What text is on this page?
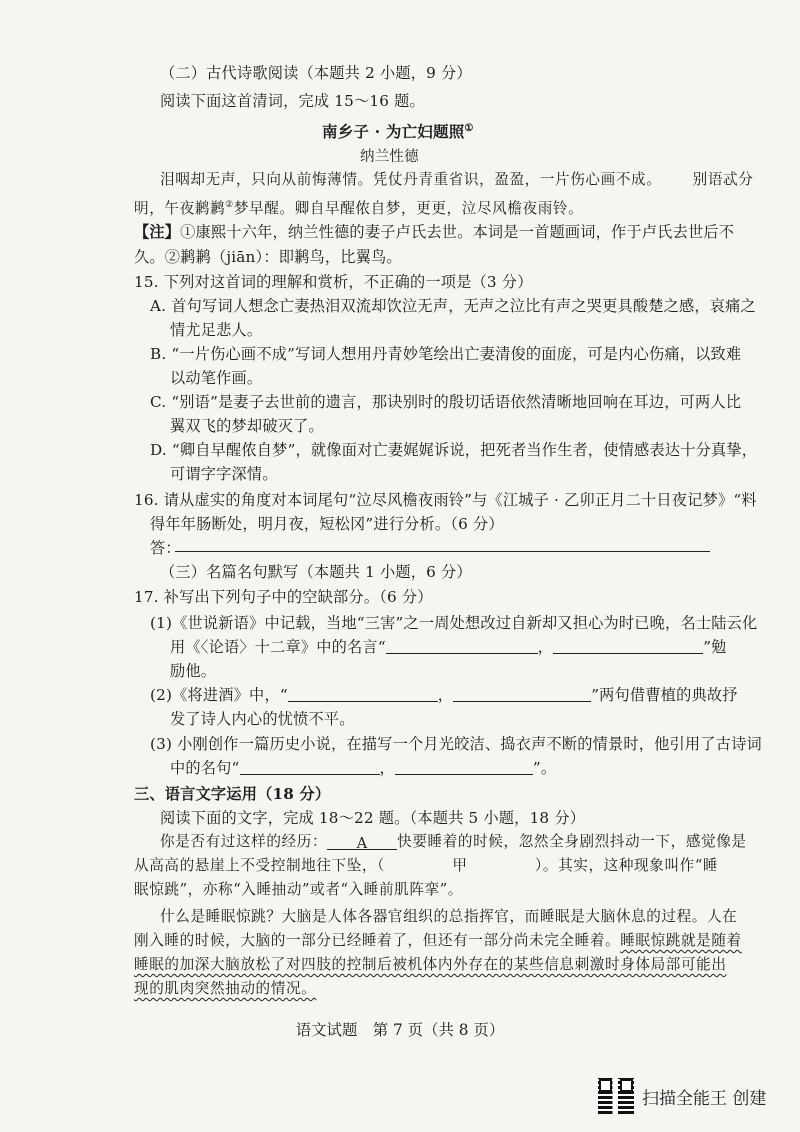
（二）古代诗歌阅读（本题共 2 小题，9 分）
阅读下面这首清词，完成 15～16 题。
南乡子 · 为亡妇题照①
纳兰性德
泪咽却无声，只向从前悔薄情。凭仗丹青重省识，盈盈，一片伤心画不成。 别语忒分
明，午夜鹣鹣②梦早醒。卿自早醒侬自梦，更更，泣尽风檐夜雨铃。
【注】①康熙十六年，纳兰性德的妻子卢氏去世。本词是一首题画词，作于卢氏去世后不
久。②鹣鹣（jiān）：即鹣鸟，比翼鸟。
15. 下列对这首词的理解和赏析，不正确的一项是（3 分）
A. 首句写词人想念亡妻热泪双流却饮泣无声，无声之泣比有声之哭更具酸楚之感，哀痛之
情尤足悲人。
B. “一片伤心画不成”写词人想用丹青妙笔绘出亡妻清俊的面庞，可是内心伤痛，以致难
以动笔作画。
C. “别语”是妻子去世前的遗言，那诀别时的殷切话语依然清晰地回响在耳边，可两人比
翼双飞的梦却破灭了。
D. “卿自早醒侬自梦”，就像面对亡妻娓娓诉说，把死者当作生者，使情感表达十分真挚，
可谓字字深情。
16. 请从虚实的角度对本词尾句“泣尽风檐夜雨铃”与《江城子 · 乙卯正月二十日夜记梦》“料
得年年肠断处，明月夜，短松冈”进行分析。（6 分）
答：
（三）名篇名句默写（本题共 1 小题，6 分）
17. 补写出下列句子中的空缺部分。（6 分）
(1)《世说新语》中记载，当地“三害”之一周处想改过自新却又担心为时已晚，名士陆云化
用《〈论语〉十二章》中的名言“	，	”勉
励他。
(2)《将进酒》中，“	，	”两句借曹植的典故抒
发了诗人内心的忧愤不平。
(3) 小刚创作一篇历史小说，在描写一个月光皎洁、捣衣声不断的情景时，他引用了古诗词
中的名句“	，	”。
三、语言文字运用（18 分）
阅读下面的文字，完成 18～22 题。（本题共 5 小题，18 分）
你是否有过这样的经历： A 快要睡着的时候，忽然全身剧烈抖动一下，感觉像是
从高高的悬崖上不受控制地往下坠，（	甲	）。其实，这种现象叫作“睡
眠惊跳”，亦称“入睡抽动”或者“入睡前肌阵挛”。
什么是睡眠惊跳？大脑是人体各器官组织的总指挥官，而睡眠是大脑休息的过程。人在
刚入睡的时候，大脑的一部分已经睡着了，但还有一部分尚未完全睡着。睡眠惊跳就是随着
睡眠的加深大脑放松了对四肢的控制后被机体内外存在的某些信息刺激时身体局部可能出
现的肌肉突然抽动的情况。
语文试题　第 7 页（共 8 页）
扫描全能王 创建
